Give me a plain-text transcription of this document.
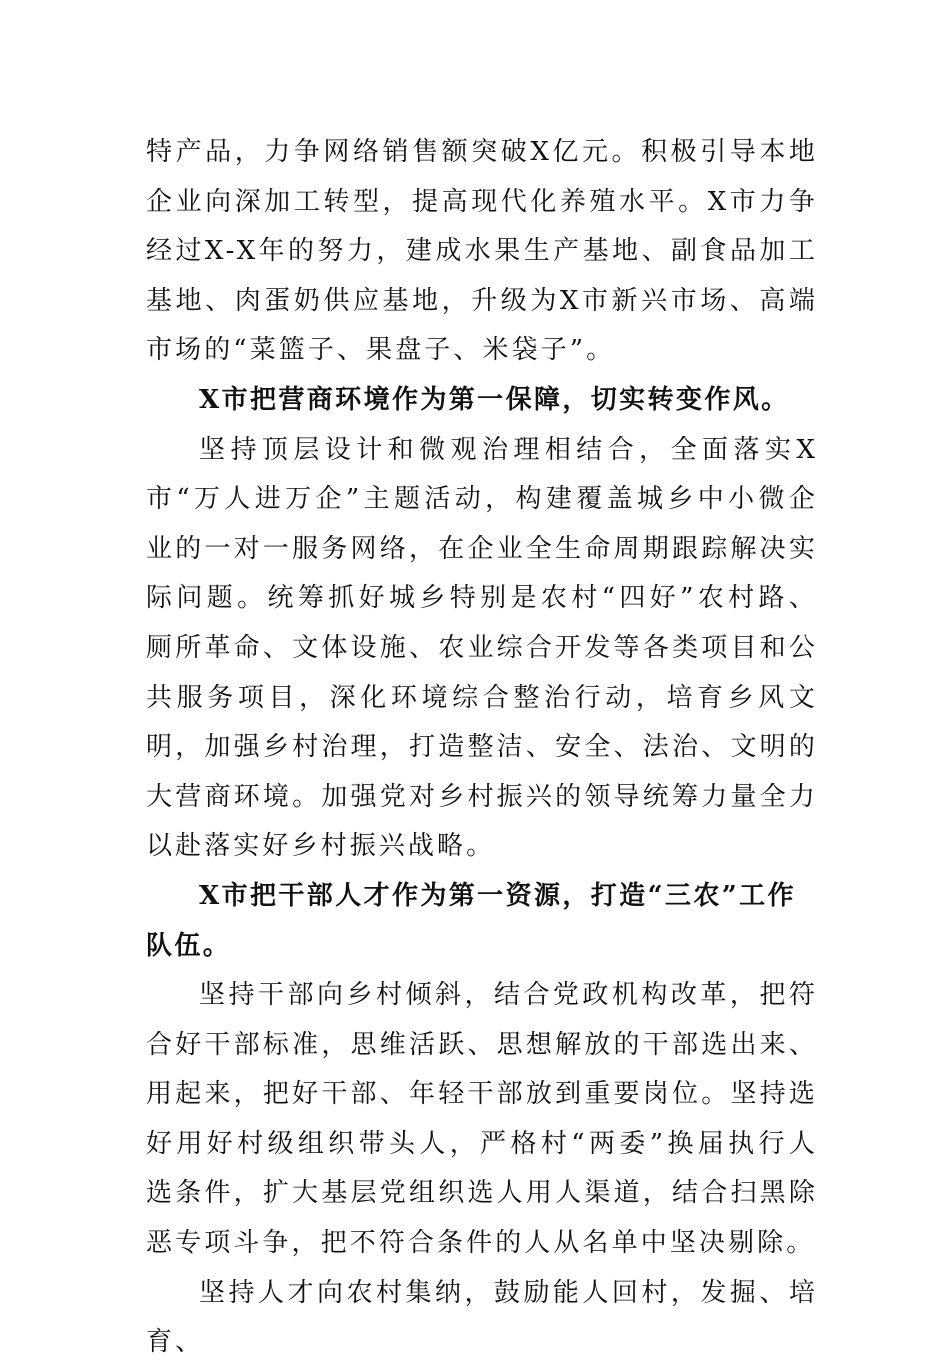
特产品，力争网络销售额突破X亿元。积极引导本地企业向深加工转型，提高现代化养殖水平。X市力争经过X-X年的努力，建成水果生产基地、副食品加工基地、肉蛋奶供应基地，升级为X市新兴市场、高端市场的“菜篮子、果盘子、米袋子”。

X市把营商环境作为第一保障，切实转变作风。

坚持顶层设计和微观治理相结合，全面落实X市“万人进万企”主题活动，构建覆盖城乡中小微企业的一对一服务网络，在企业全生命周期跟踪解决实际问题。统筹抓好城乡特别是农村“四好”农村路、厕所革命、文体设施、农业综合开发等各类项目和公共服务项目，深化环境综合整治行动，培育乡风文明，加强乡村治理，打造整洁、安全、法治、文明的大营商环境。加强党对乡村振兴的领导统筹力量全力以赴落实好乡村振兴战略。

X市把干部人才作为第一资源，打造“三农”工作队伍。

坚持干部向乡村倾斜，结合党政机构改革，把符合好干部标准，思维活跃、思想解放的干部选出来、用起来，把好干部、年轻干部放到重要岗位。坚持选好用好村级组织带头人，严格村“两委”换届执行人选条件，扩大基层党组织选人用人渠道，结合扫黑除恶专项斗争，把不符合条件的人从名单中坚决剔除。

坚持人才向农村集纳，鼓励能人回村，发掘、培育、
